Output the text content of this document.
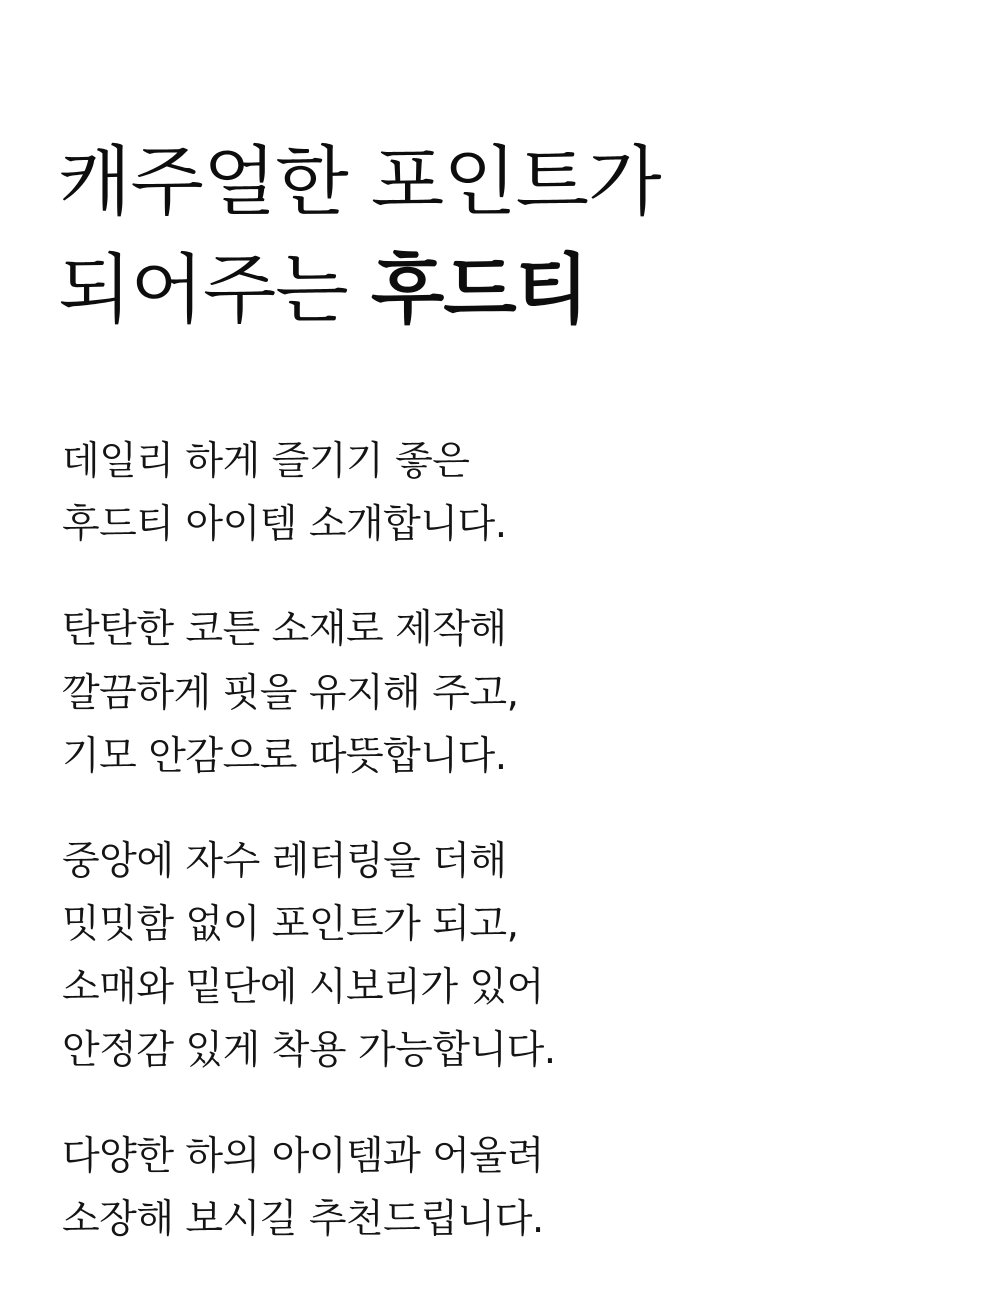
캐주얼한 포인트가
되어주는 후드티
데일리 하게 즐기기 좋은
후드티 아이템 소개합니다.
탄탄한 코튼 소재로 제작해
깔끔하게 핏을 유지해 주고,
기모 안감으로 따뜻합니다.
중앙에 자수 레터링을 더해
밋밋함 없이 포인트가 되고,
소매와 밑단에 시보리가 있어
안정감 있게 착용 가능합니다.
다양한 하의 아이템과 어울려
소장해 보시길 추천드립니다.
